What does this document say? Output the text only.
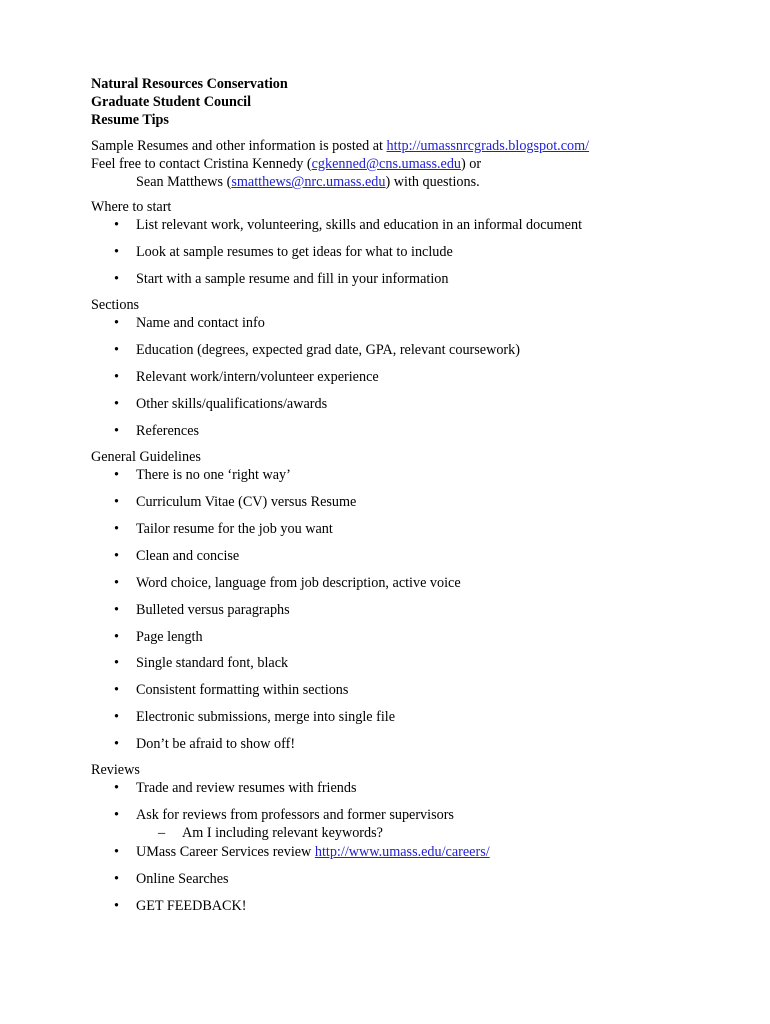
Natural Resources Conservation
Graduate Student Council
Resume Tips
Sample Resumes and other information is posted at http://umassnrcgrads.blogspot.com/
Feel free to contact Cristina Kennedy (cgkenned@cns.umass.edu) or
Sean Matthews (smatthews@nrc.umass.edu) with questions.
Where to start
• List relevant work, volunteering, skills and education in an informal document
• Look at sample resumes to get ideas for what to include
• Start with a sample resume and fill in your information
Sections
• Name and contact info
• Education (degrees, expected grad date, GPA, relevant coursework)
• Relevant work/intern/volunteer experience
• Other skills/qualifications/awards
• References
General Guidelines
• There is no one ‘right way’
• Curriculum Vitae (CV) versus Resume
• Tailor resume for the job you want
• Clean and concise
• Word choice, language from job description, active voice
• Bulleted versus paragraphs
• Page length
• Single standard font, black
• Consistent formatting within sections
• Electronic submissions, merge into single file
• Don’t be afraid to show off!
Reviews
• Trade and review resumes with friends
• Ask for reviews from professors and former supervisors
– Am I including relevant keywords?
• UMass Career Services review http://www.umass.edu/careers/
• Online Searches
• GET FEEDBACK!
